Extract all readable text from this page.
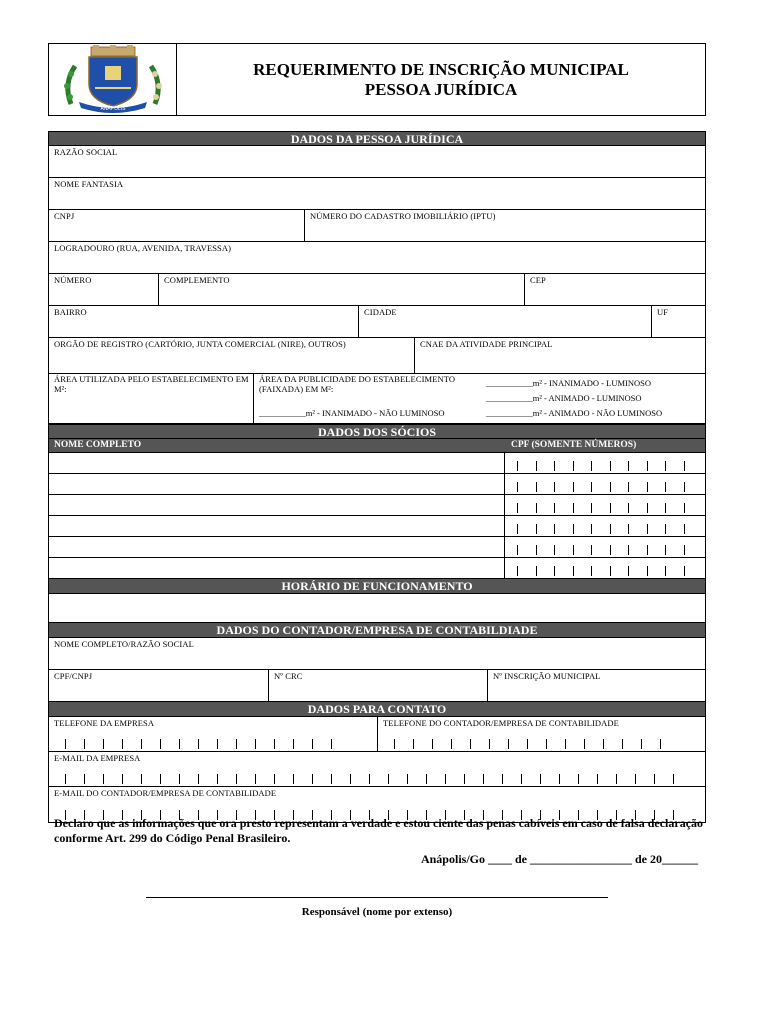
ANÁPOLIS
REQUERIMENTO DE INSCRIÇÃO MUNICIPAL
PESSOA JURÍDICA
DADOS DA PESSOA JURÍDICA
RAZÃO SOCIAL
NOME FANTASIA
CNPJ	NÚMERO DO CADASTRO IMOBILIÁRIO (IPTU)
LOGRADOURO (RUA, AVENIDA, TRAVESSA)
NÚMERO	COMPLEMENTO	CEP
BAIRRO	CIDADE	UF
ORGÃO DE REGISTRO (CARTÓRIO, JUNTA COMERCIAL (NIRE), OUTROS)	CNAE DA ATIVIDADE PRINCIPAL
ÁREA UTILIZADA PELO ESTABELECIMENTO EM M²:
ÁREA DA PUBLICIDADE DO ESTABELECIMENTO (FAIXADA) EM M²:
___________m² - INANIMADO - NÃO LUMINOSO
___________m² - INANIMADO - LUMINOSO
___________m² - ANIMADO - LUMINOSO
___________m² - ANIMADO - NÃO LUMINOSO
DADOS DOS SÓCIOS
NOME COMPLETO	CPF (SOMENTE NÚMEROS)
HORÁRIO DE FUNCIONAMENTO
DADOS DO CONTADOR/EMPRESA DE CONTABILDIADE
NOME COMPLETO/RAZÃO SOCIAL
CPF/CNPJ	Nº CRC	Nº INSCRIÇÃO MUNICIPAL
DADOS PARA CONTATO
TELEFONE DA EMPRESA	TELEFONE DO CONTADOR/EMPRESA DE CONTABILIDADE
E-MAIL DA EMPRESA
E-MAIL DO CONTADOR/EMPRESA DE CONTABILIDADE
Declaro que as informações que ora presto representam a verdade e estou ciente das penas cabíveis em caso de falsa declaração conforme Art. 299 do Código Penal Brasileiro.
Anápolis/Go ____ de _________________ de 20______
Responsável (nome por extenso)
